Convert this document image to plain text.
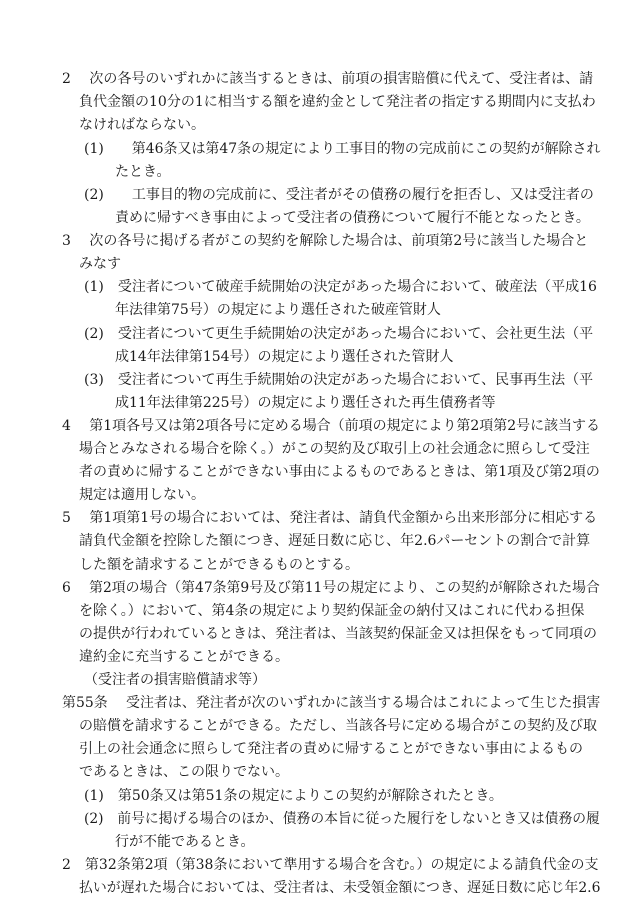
2　 次の各号のいずれかに該当するときは、前項の損害賠償に代えて、受注者は、請
負代金額の10分の1に相当する額を違約金として発注者の指定する期間内に支払わ
なければならない。
(1)　　第46条又は第47条の規定により工事目的物の完成前にこの契約が解除され
たとき。
(2)　　工事目的物の完成前に、受注者がその債務の履行を拒否し、又は受注者の
責めに帰すべき事由によって受注者の債務について履行不能となったとき。
3　 次の各号に掲げる者がこの契約を解除した場合は、前項第2号に該当した場合と
みなす
(1)　受注者について破産手続開始の決定があった場合において、破産法（平成16
年法律第75号）の規定により選任された破産管財人
(2)　受注者について更生手続開始の決定があった場合において、会社更生法（平
成14年法律第154号）の規定により選任された管財人
(3)　受注者について再生手続開始の決定があった場合において、民事再生法（平
成11年法律第225号）の規定により選任された再生債務者等
4　 第1項各号又は第2項各号に定める場合（前項の規定により第2項第2号に該当する
場合とみなされる場合を除く。）がこの契約及び取引上の社会通念に照らして受注
者の責めに帰することができない事由によるものであるときは、第1項及び第2項の
規定は適用しない。
5　 第1項第1号の場合においては、発注者は、請負代金額から出来形部分に相応する
請負代金額を控除した額につき、遅延日数に応じ、年2.6パーセントの割合で計算
した額を請求することができるものとする。
6　 第2項の場合（第47条第9号及び第11号の規定により、この契約が解除された場合
を除く。）において、第4条の規定により契約保証金の納付又はこれに代わる担保
の提供が行われているときは、発注者は、当該契約保証金又は担保をもって同項の
違約金に充当することができる。
（受注者の損害賠償請求等）
第55条　 受注者は、発注者が次のいずれかに該当する場合はこれによって生じた損害
の賠償を請求することができる。ただし、当該各号に定める場合がこの契約及び取
引上の社会通念に照らして発注者の責めに帰することができない事由によるもの
であるときは、この限りでない。
(1)　第50条又は第51条の規定によりこの契約が解除されたとき。
(2)　前号に掲げる場合のほか、債務の本旨に従った履行をしないとき又は債務の履
行が不能であるとき。
2　第32条第2項（第38条において準用する場合を含む。）の規定による請負代金の支
払いが遅れた場合においては、受注者は、未受領金額につき、遅延日数に応じ年2.6
